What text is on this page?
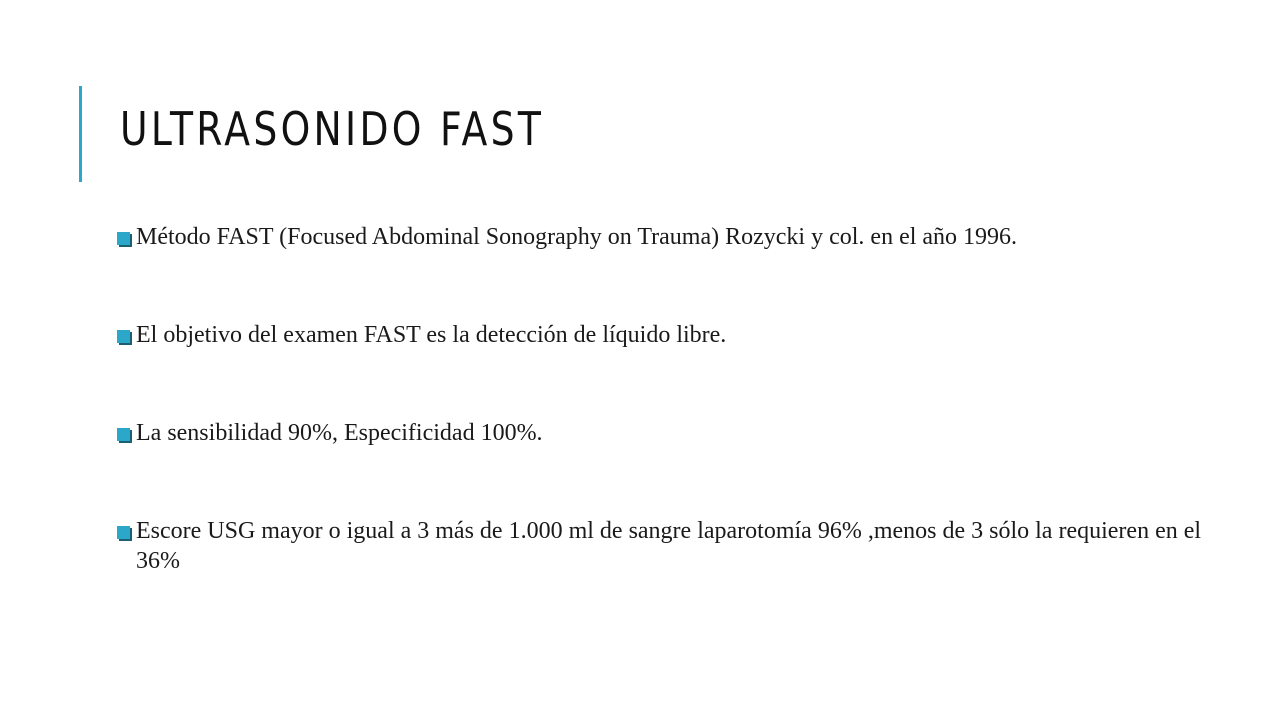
ULTRASONIDO FAST
Método FAST (Focused Abdominal Sonography on Trauma) Rozycki y col. en el año 1996.
El objetivo del examen FAST es la detección de líquido libre.
La sensibilidad 90%, Especificidad 100%.
Escore USG mayor o igual a 3 más de 1.000 ml de sangre laparotomía 96% ,menos de 3 sólo la requieren en el 36%
